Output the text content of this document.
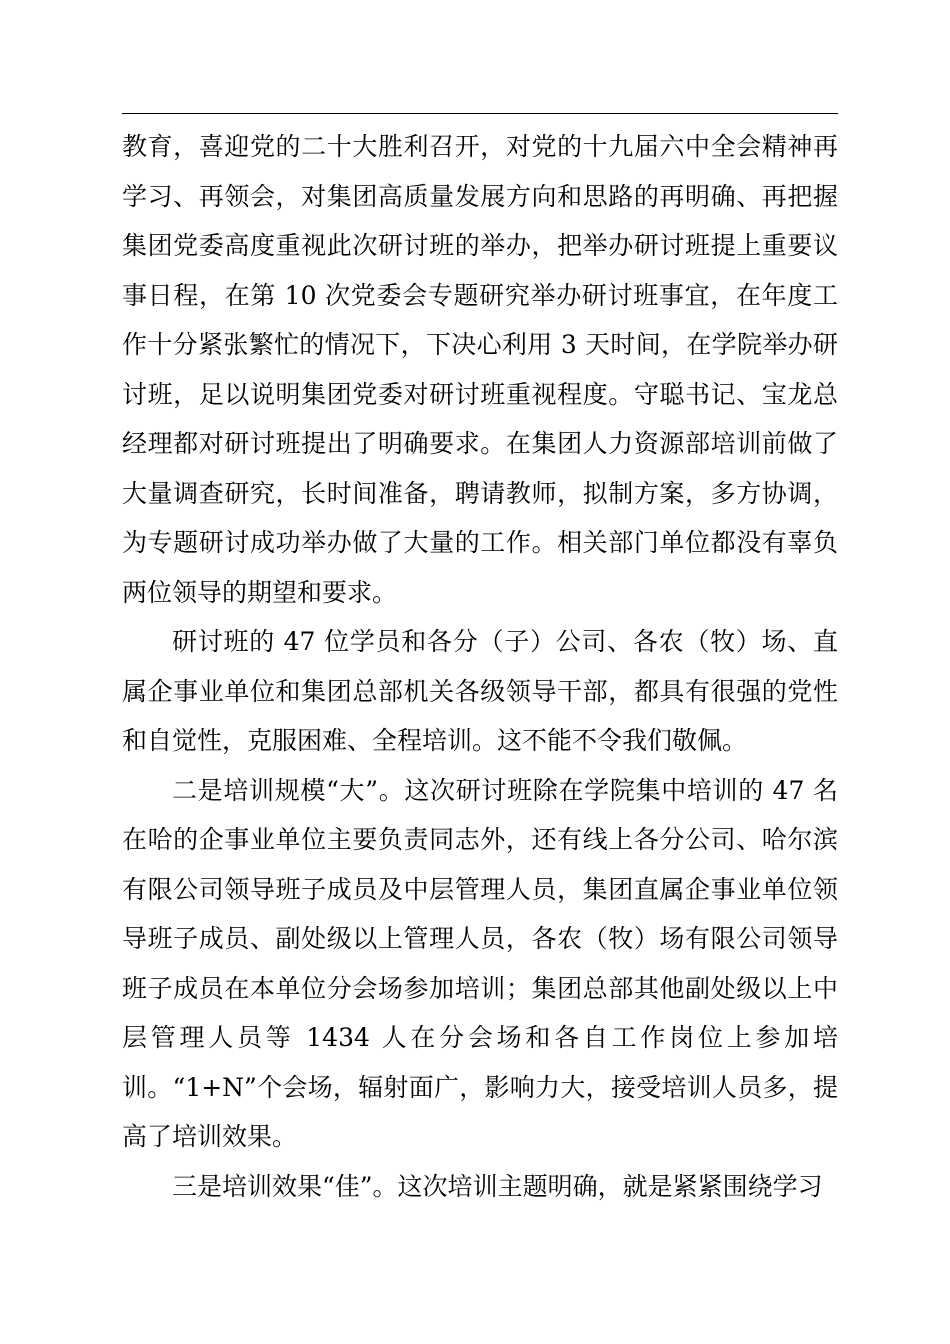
教育，喜迎党的二十大胜利召开，对党的十九届六中全会精神再学习、再领会，对集团高质量发展方向和思路的再明确、再把握集团党委高度重视此次研讨班的举办，把举办研讨班提上重要议事日程，在第 10 次党委会专题研究举办研讨班事宜，在年度工作十分紧张繁忙的情况下，下决心利用 3 天时间，在学院举办研讨班，足以说明集团党委对研讨班重视程度。守聪书记、宝龙总经理都对研讨班提出了明确要求。在集团人力资源部培训前做了大量调查研究，长时间准备，聘请教师，拟制方案，多方协调，为专题研讨成功举办做了大量的工作。相关部门单位都没有辜负两位领导的期望和要求。

研讨班的 47 位学员和各分（子）公司、各农（牧）场、直属企事业单位和集团总部机关各级领导干部，都具有很强的党性和自觉性，克服困难、全程培训。这不能不令我们敬佩。

二是培训规模“大”。这次研讨班除在学院集中培训的 47 名在哈的企事业单位主要负责同志外，还有线上各分公司、哈尔滨有限公司领导班子成员及中层管理人员，集团直属企事业单位领导班子成员、副处级以上管理人员，各农（牧）场有限公司领导班子成员在本单位分会场参加培训；集团总部其他副处级以上中层管理人员等 1434 人在分会场和各自工作岗位上参加培训。“1+N”个会场，辐射面广，影响力大，接受培训人员多，提高了培训效果。

三是培训效果“佳”。这次培训主题明确，就是紧紧围绕学习
